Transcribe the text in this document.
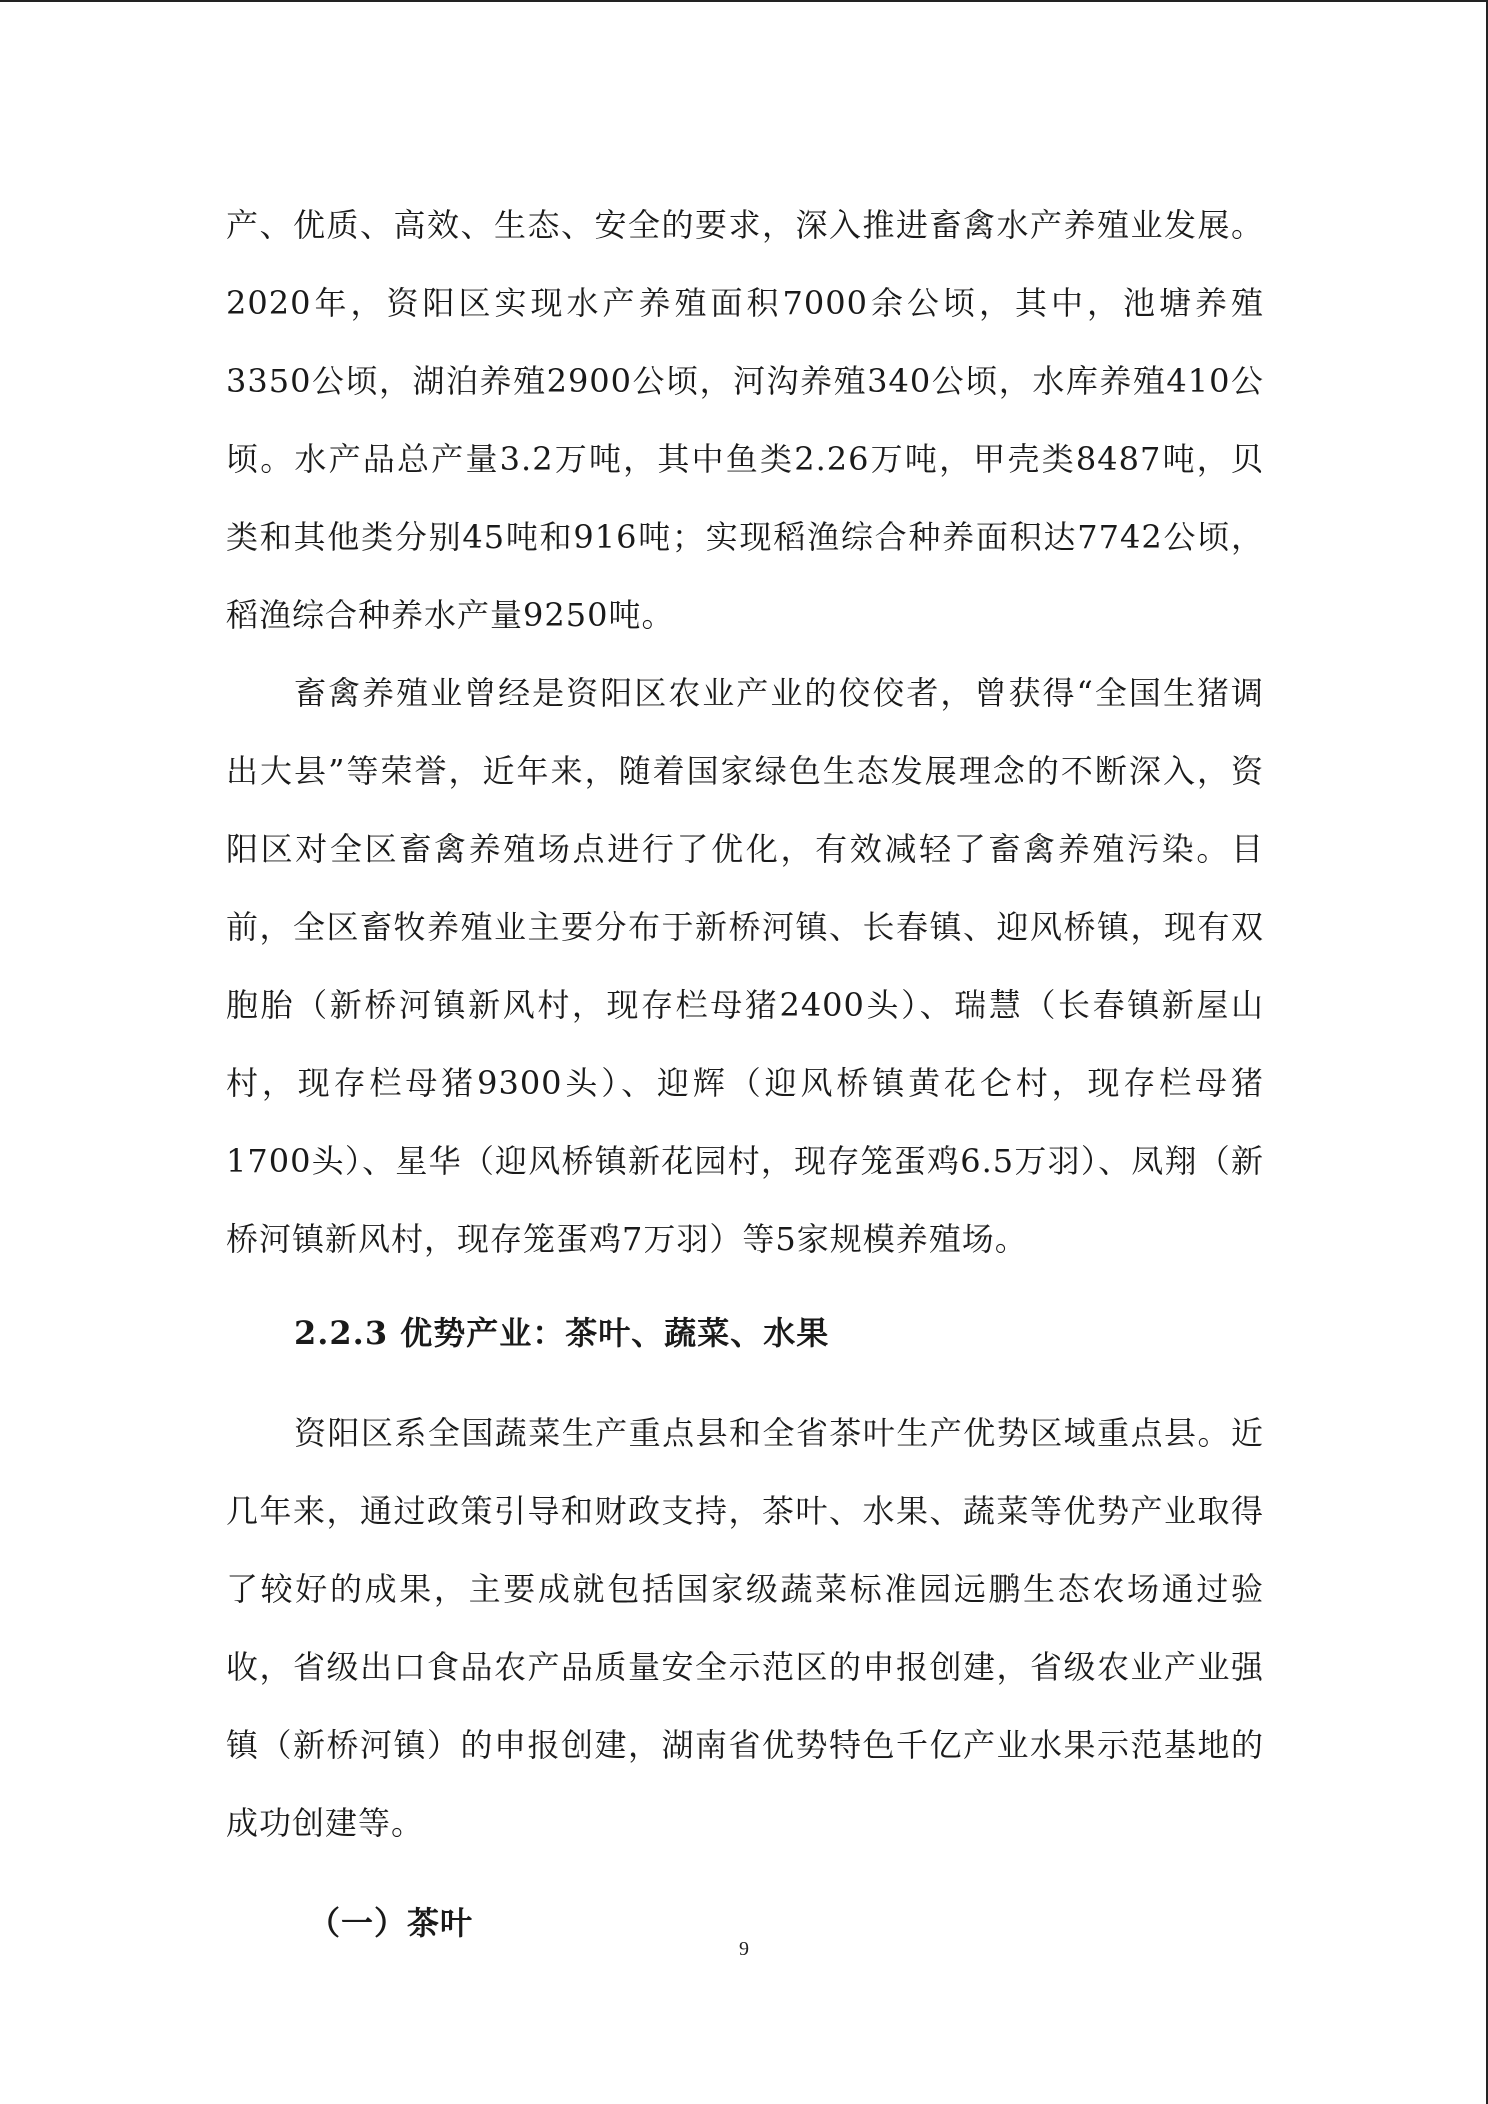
产、优质、高效、生态、安全的要求，深入推进畜禽水产养殖业发展。2020年，资阳区实现水产养殖面积7000余公顷，其中，池塘养殖3350公顷，湖泊养殖2900公顷，河沟养殖340公顷，水库养殖410公顷。水产品总产量3.2万吨，其中鱼类2.26万吨，甲壳类8487吨，贝类和其他类分别45吨和916吨；实现稻渔综合种养面积达7742公顷，稻渔综合种养水产量9250吨。

畜禽养殖业曾经是资阳区农业产业的佼佼者，曾获得“全国生猪调出大县”等荣誉，近年来，随着国家绿色生态发展理念的不断深入，资阳区对全区畜禽养殖场点进行了优化，有效减轻了畜禽养殖污染。目前，全区畜牧养殖业主要分布于新桥河镇、长春镇、迎风桥镇，现有双胞胎（新桥河镇新风村，现存栏母猪2400头）、瑞慧（长春镇新屋山村，现存栏母猪9300头）、迎辉（迎风桥镇黄花仑村，现存栏母猪1700头）、星华（迎风桥镇新花园村，现存笼蛋鸡6.5万羽）、凤翔（新桥河镇新风村，现存笼蛋鸡7万羽）等5家规模养殖场。

2.2.3 优势产业：茶叶、蔬菜、水果

资阳区系全国蔬菜生产重点县和全省茶叶生产优势区域重点县。近几年来，通过政策引导和财政支持，茶叶、水果、蔬菜等优势产业取得了较好的成果，主要成就包括国家级蔬菜标准园远鹏生态农场通过验收，省级出口食品农产品质量安全示范区的申报创建，省级农业产业强镇（新桥河镇）的申报创建，湖南省优势特色千亿产业水果示范基地的成功创建等。

（一）茶叶
9
